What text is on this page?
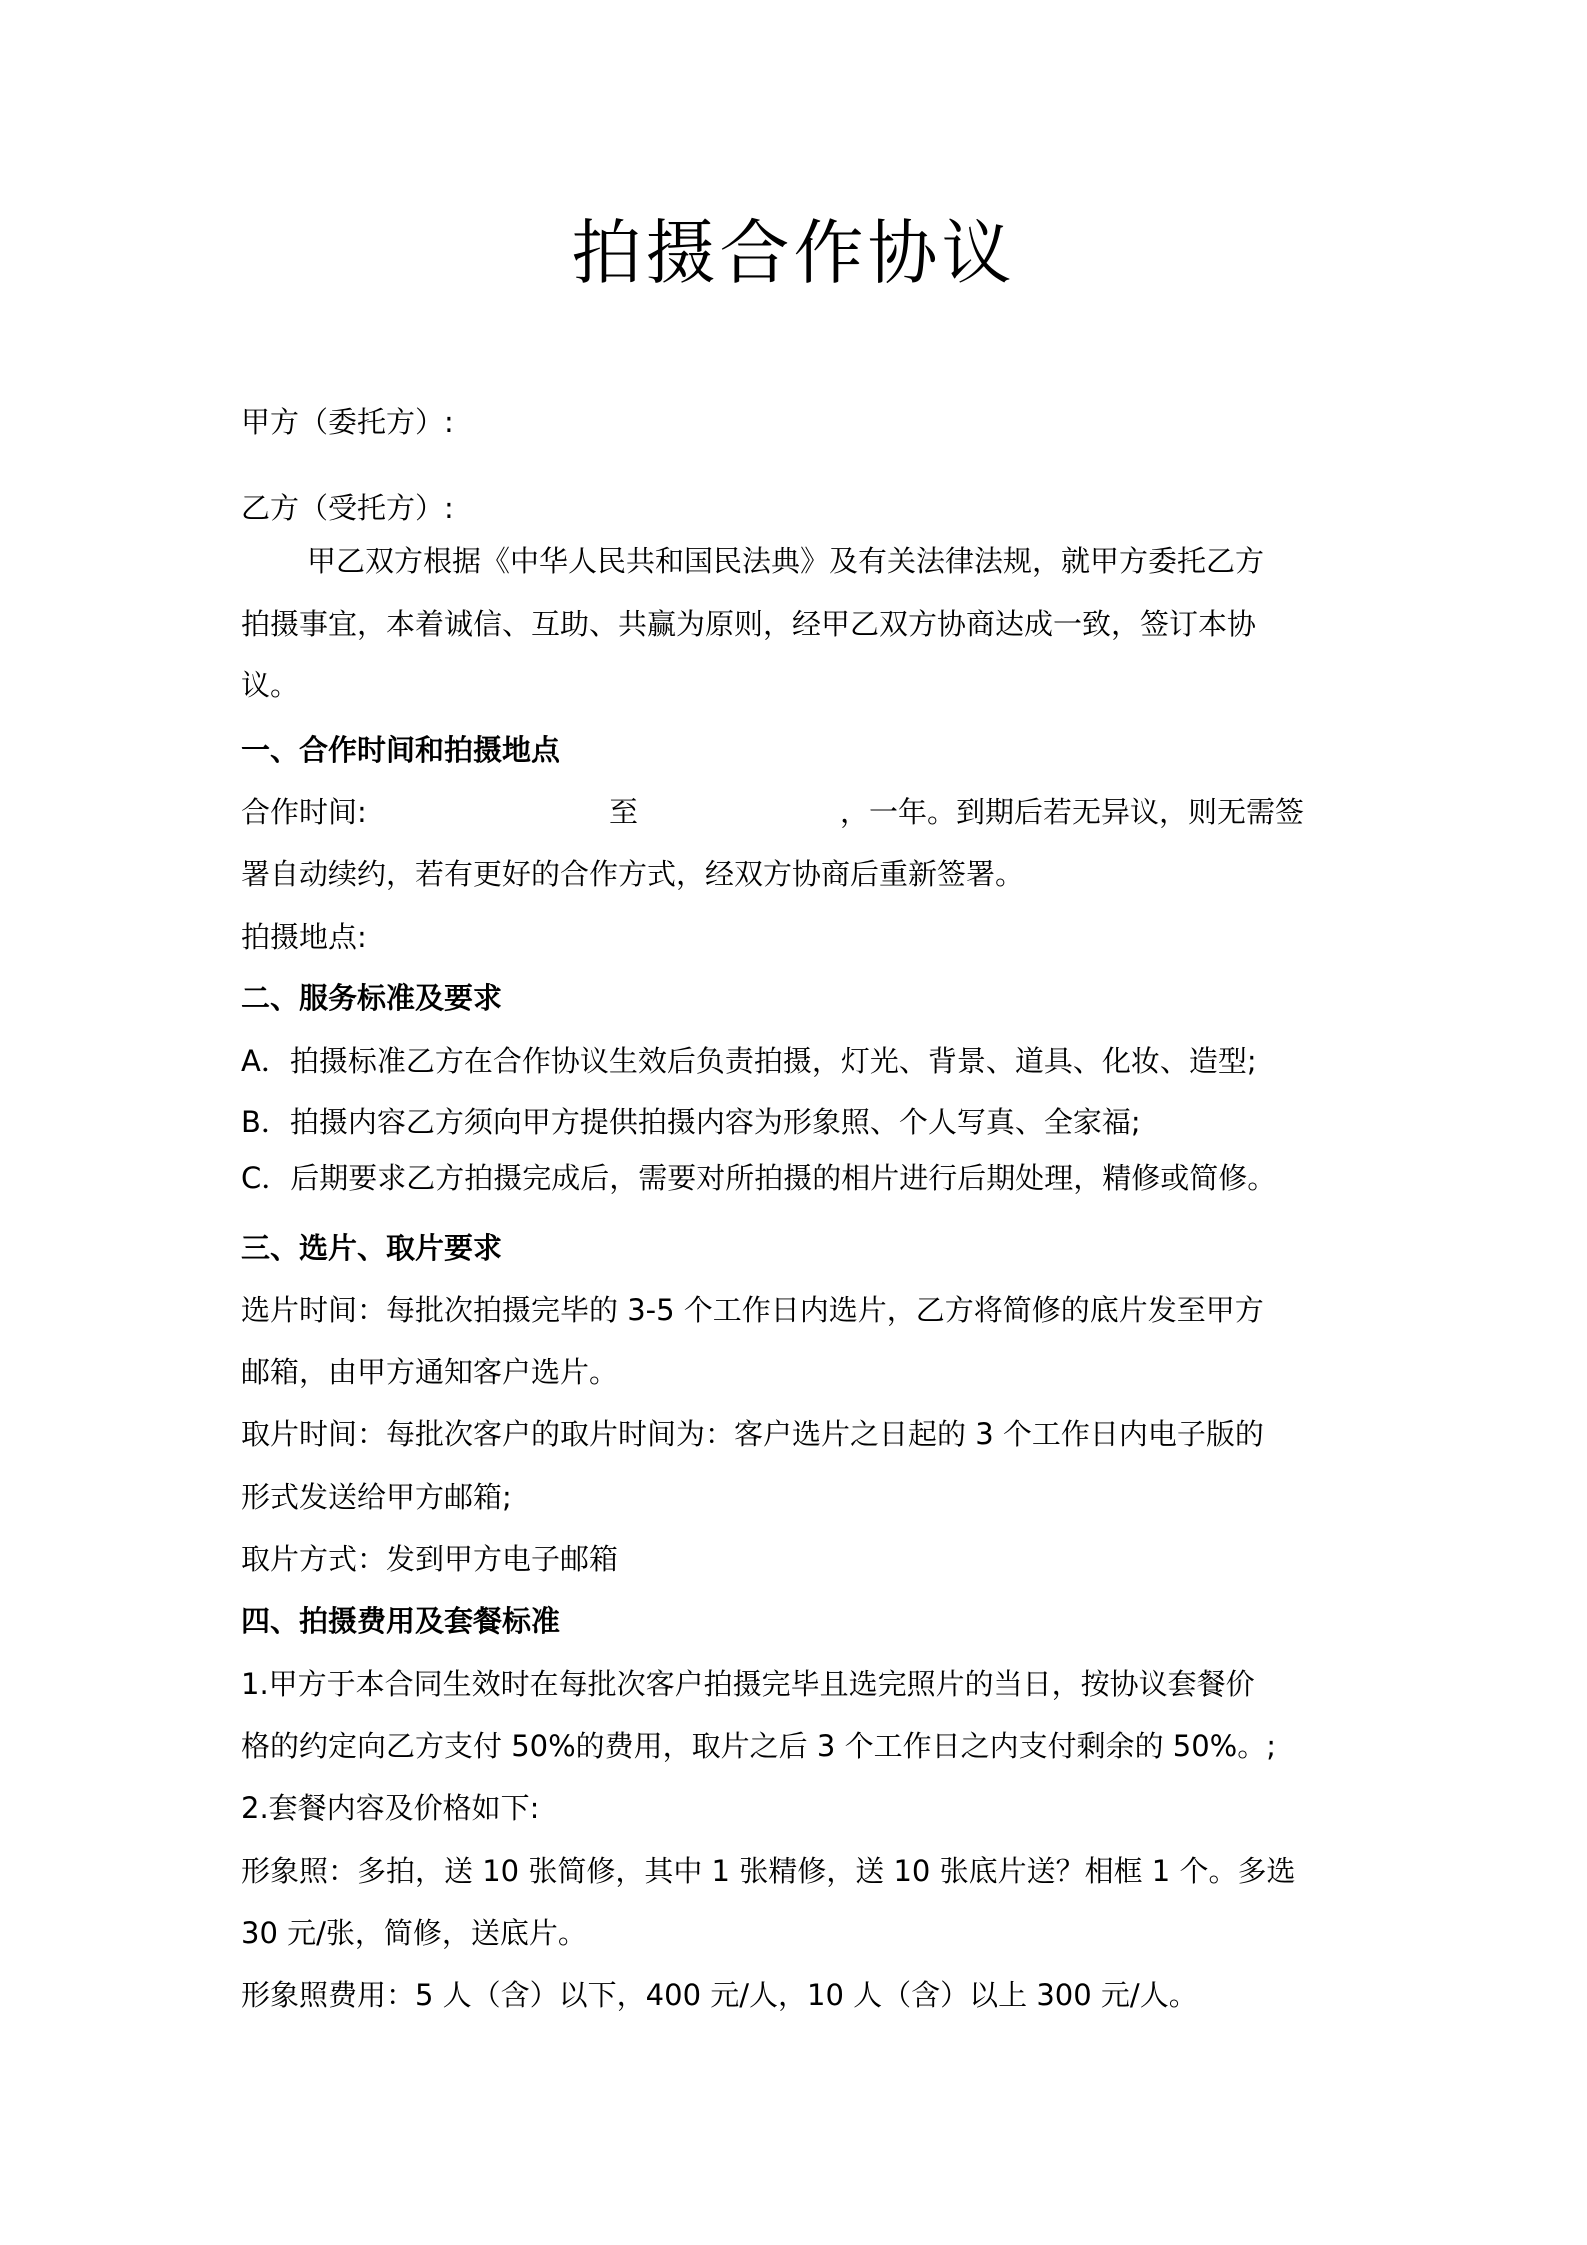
拍摄合作协议
甲方（委托方）:
乙方（受托方）:
甲乙双方根据《中华人民共和国民法典》及有关法律法规，就甲方委托乙方
拍摄事宜，本着诚信、互助、共赢为原则，经甲乙双方协商达成一致，签订本协
议。
一、合作时间和拍摄地点
合作时间:	至	，一年。到期后若无异议，则无需签
署自动续约，若有更好的合作方式，经双方协商后重新签署。
拍摄地点:
二、服务标准及要求
A．拍摄标准乙方在合作协议生效后负责拍摄，灯光、背景、道具、化妆、造型;
B．拍摄内容乙方须向甲方提供拍摄内容为形象照、个人写真、全家福;
C．后期要求乙方拍摄完成后，需要对所拍摄的相片进行后期处理，精修或简修。
三、选片、取片要求
选片时间：每批次拍摄完毕的 3-5 个工作日内选片，乙方将简修的底片发至甲方
邮箱，由甲方通知客户选片。
取片时间：每批次客户的取片时间为：客户选片之日起的 3 个工作日内电子版的
形式发送给甲方邮箱;
取片方式：发到甲方电子邮箱
四、拍摄费用及套餐标准
1.甲方于本合同生效时在每批次客户拍摄完毕且选完照片的当日，按协议套餐价
格的约定向乙方支付 50%的费用，取片之后 3 个工作日之内支付剩余的 50%。;
2.套餐内容及价格如下:
形象照：多拍，送 10 张简修，其中 1 张精修，送 10 张底片送？相框 1 个。多选
30 元/张，简修，送底片。
形象照费用：5 人（含）以下，400 元/人，10 人（含）以上 300 元/人。
